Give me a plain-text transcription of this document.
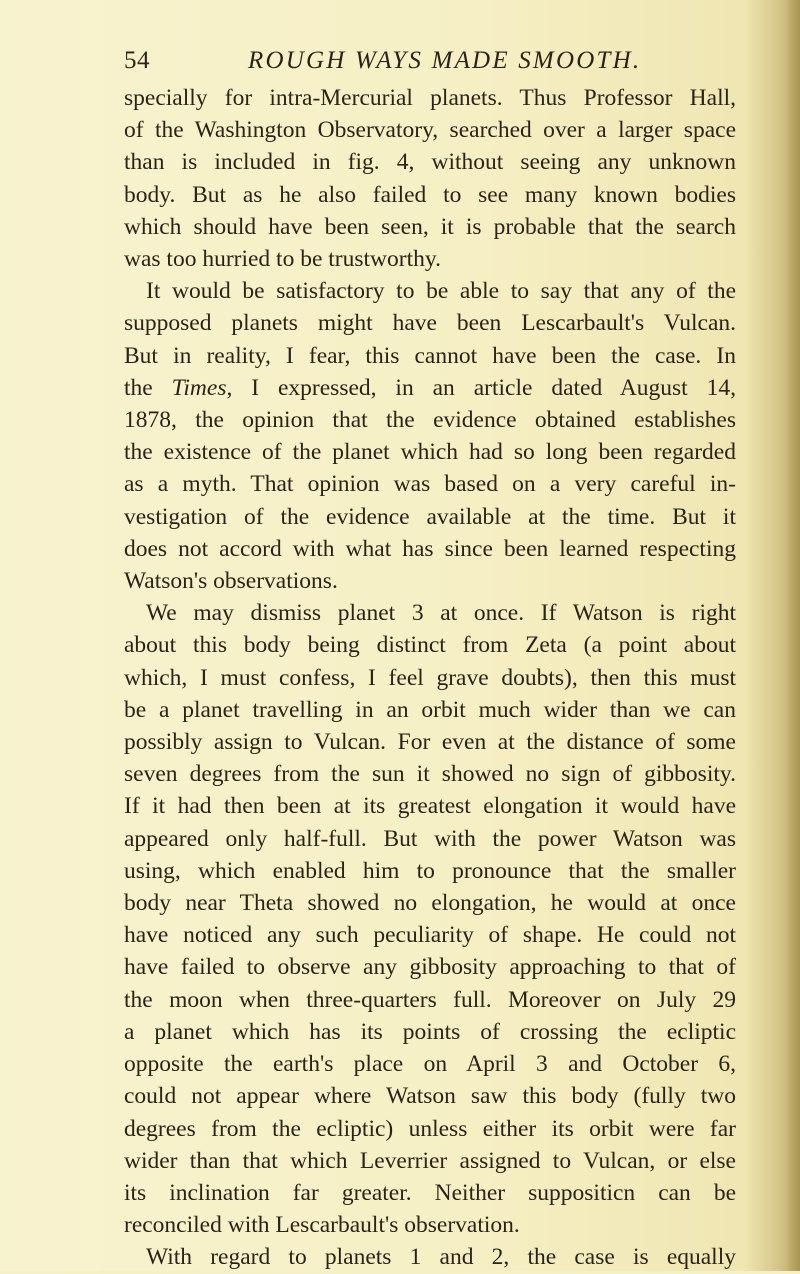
54	ROUGH WAYS MADE SMOOTH.

specially for intra-Mercurial planets. Thus Professor Hall,

of the Washington Observatory, searched over a larger space

than is included in fig. 4, without seeing any unknown

body. But as he also failed to see many known bodies

which should have been seen, it is probable that the search

was too hurried to be trustworthy.

It would be satisfactory to be able to say that any of the

supposed planets might have been Lescarbault's Vulcan.

But in reality, I fear, this cannot have been the case. In

the Times, I expressed, in an article dated August 14,

1878, the opinion that the evidence obtained establishes

the existence of the planet which had so long been regarded

as a myth. That opinion was based on a very careful in-

vestigation of the evidence available at the time. But it

does not accord with what has since been learned respecting

Watson's observations.

We may dismiss planet 3 at once. If Watson is right

about this body being distinct from Zeta (a point about

which, I must confess, I feel grave doubts), then this must

be a planet travelling in an orbit much wider than we can

possibly assign to Vulcan. For even at the distance of some

seven degrees from the sun it showed no sign of gibbosity.

If it had then been at its greatest elongation it would have

appeared only half-full. But with the power Watson was

using, which enabled him to pronounce that the smaller

body near Theta showed no elongation, he would at once

have noticed any such peculiarity of shape. He could not

have failed to observe any gibbosity approaching to that of

the moon when three-quarters full. Moreover on July 29

a planet which has its points of crossing the ecliptic

opposite the earth's place on April 3 and October 6,

could not appear where Watson saw this body (fully two

degrees from the ecliptic) unless either its orbit were far

wider than that which Leverrier assigned to Vulcan, or else

its inclination far greater. Neither suppositicn can be

reconciled with Lescarbault's observation.

With regard to planets 1 and 2, the case is equally
